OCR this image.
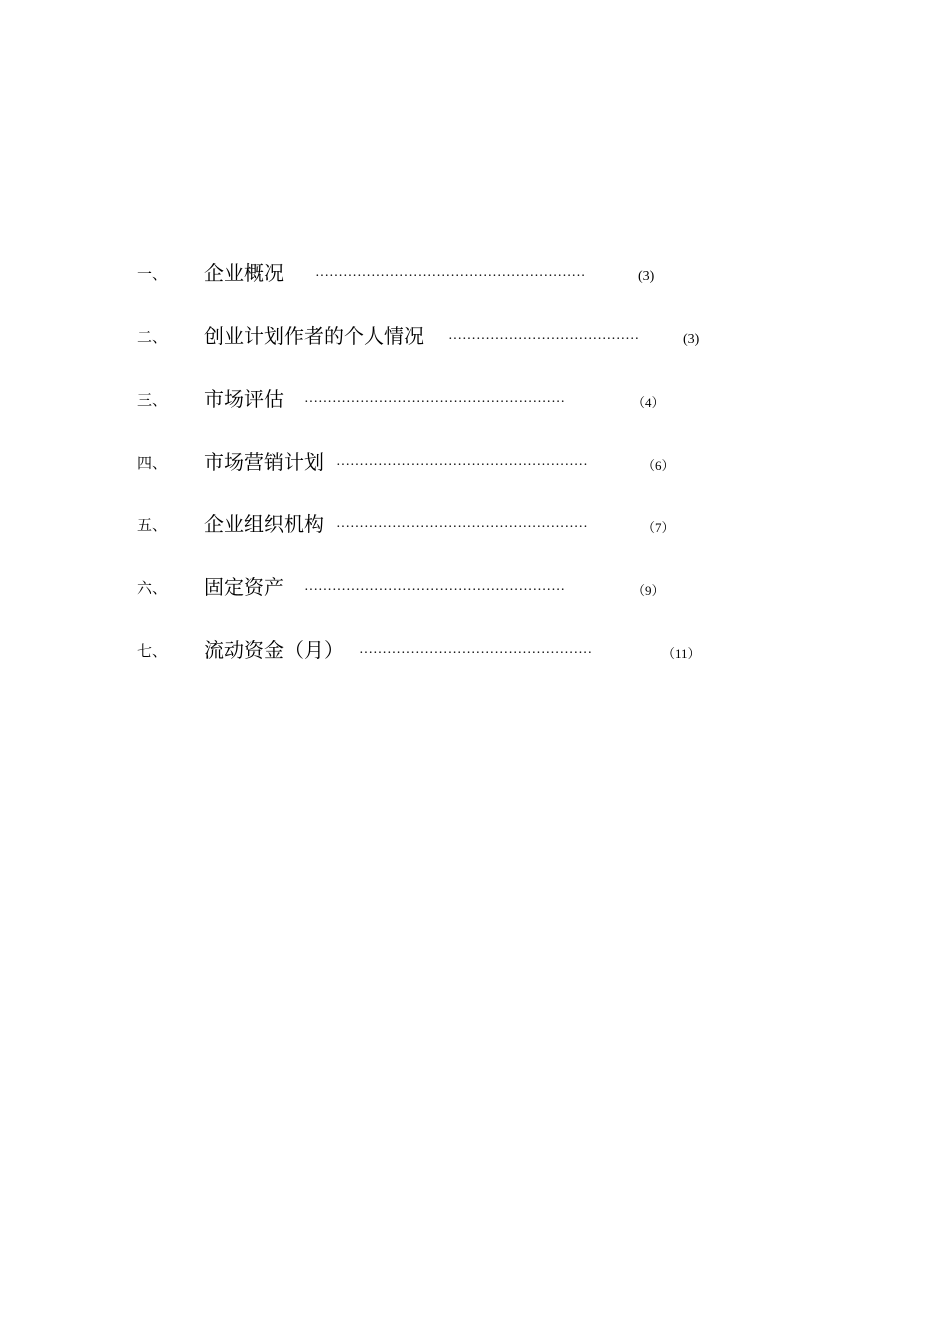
一、 企业概况 ··························································	(3)
二、 创业计划作者的个人情况 ·········································	(3)
三、 市场评估 ························································	（4）
四、 市场营销计划 ······················································	（6）
五、 企业组织机构 ······················································	（7）
六、 固定资产 ························································	（9）
七、 流动资金（月） ··················································	（11）
